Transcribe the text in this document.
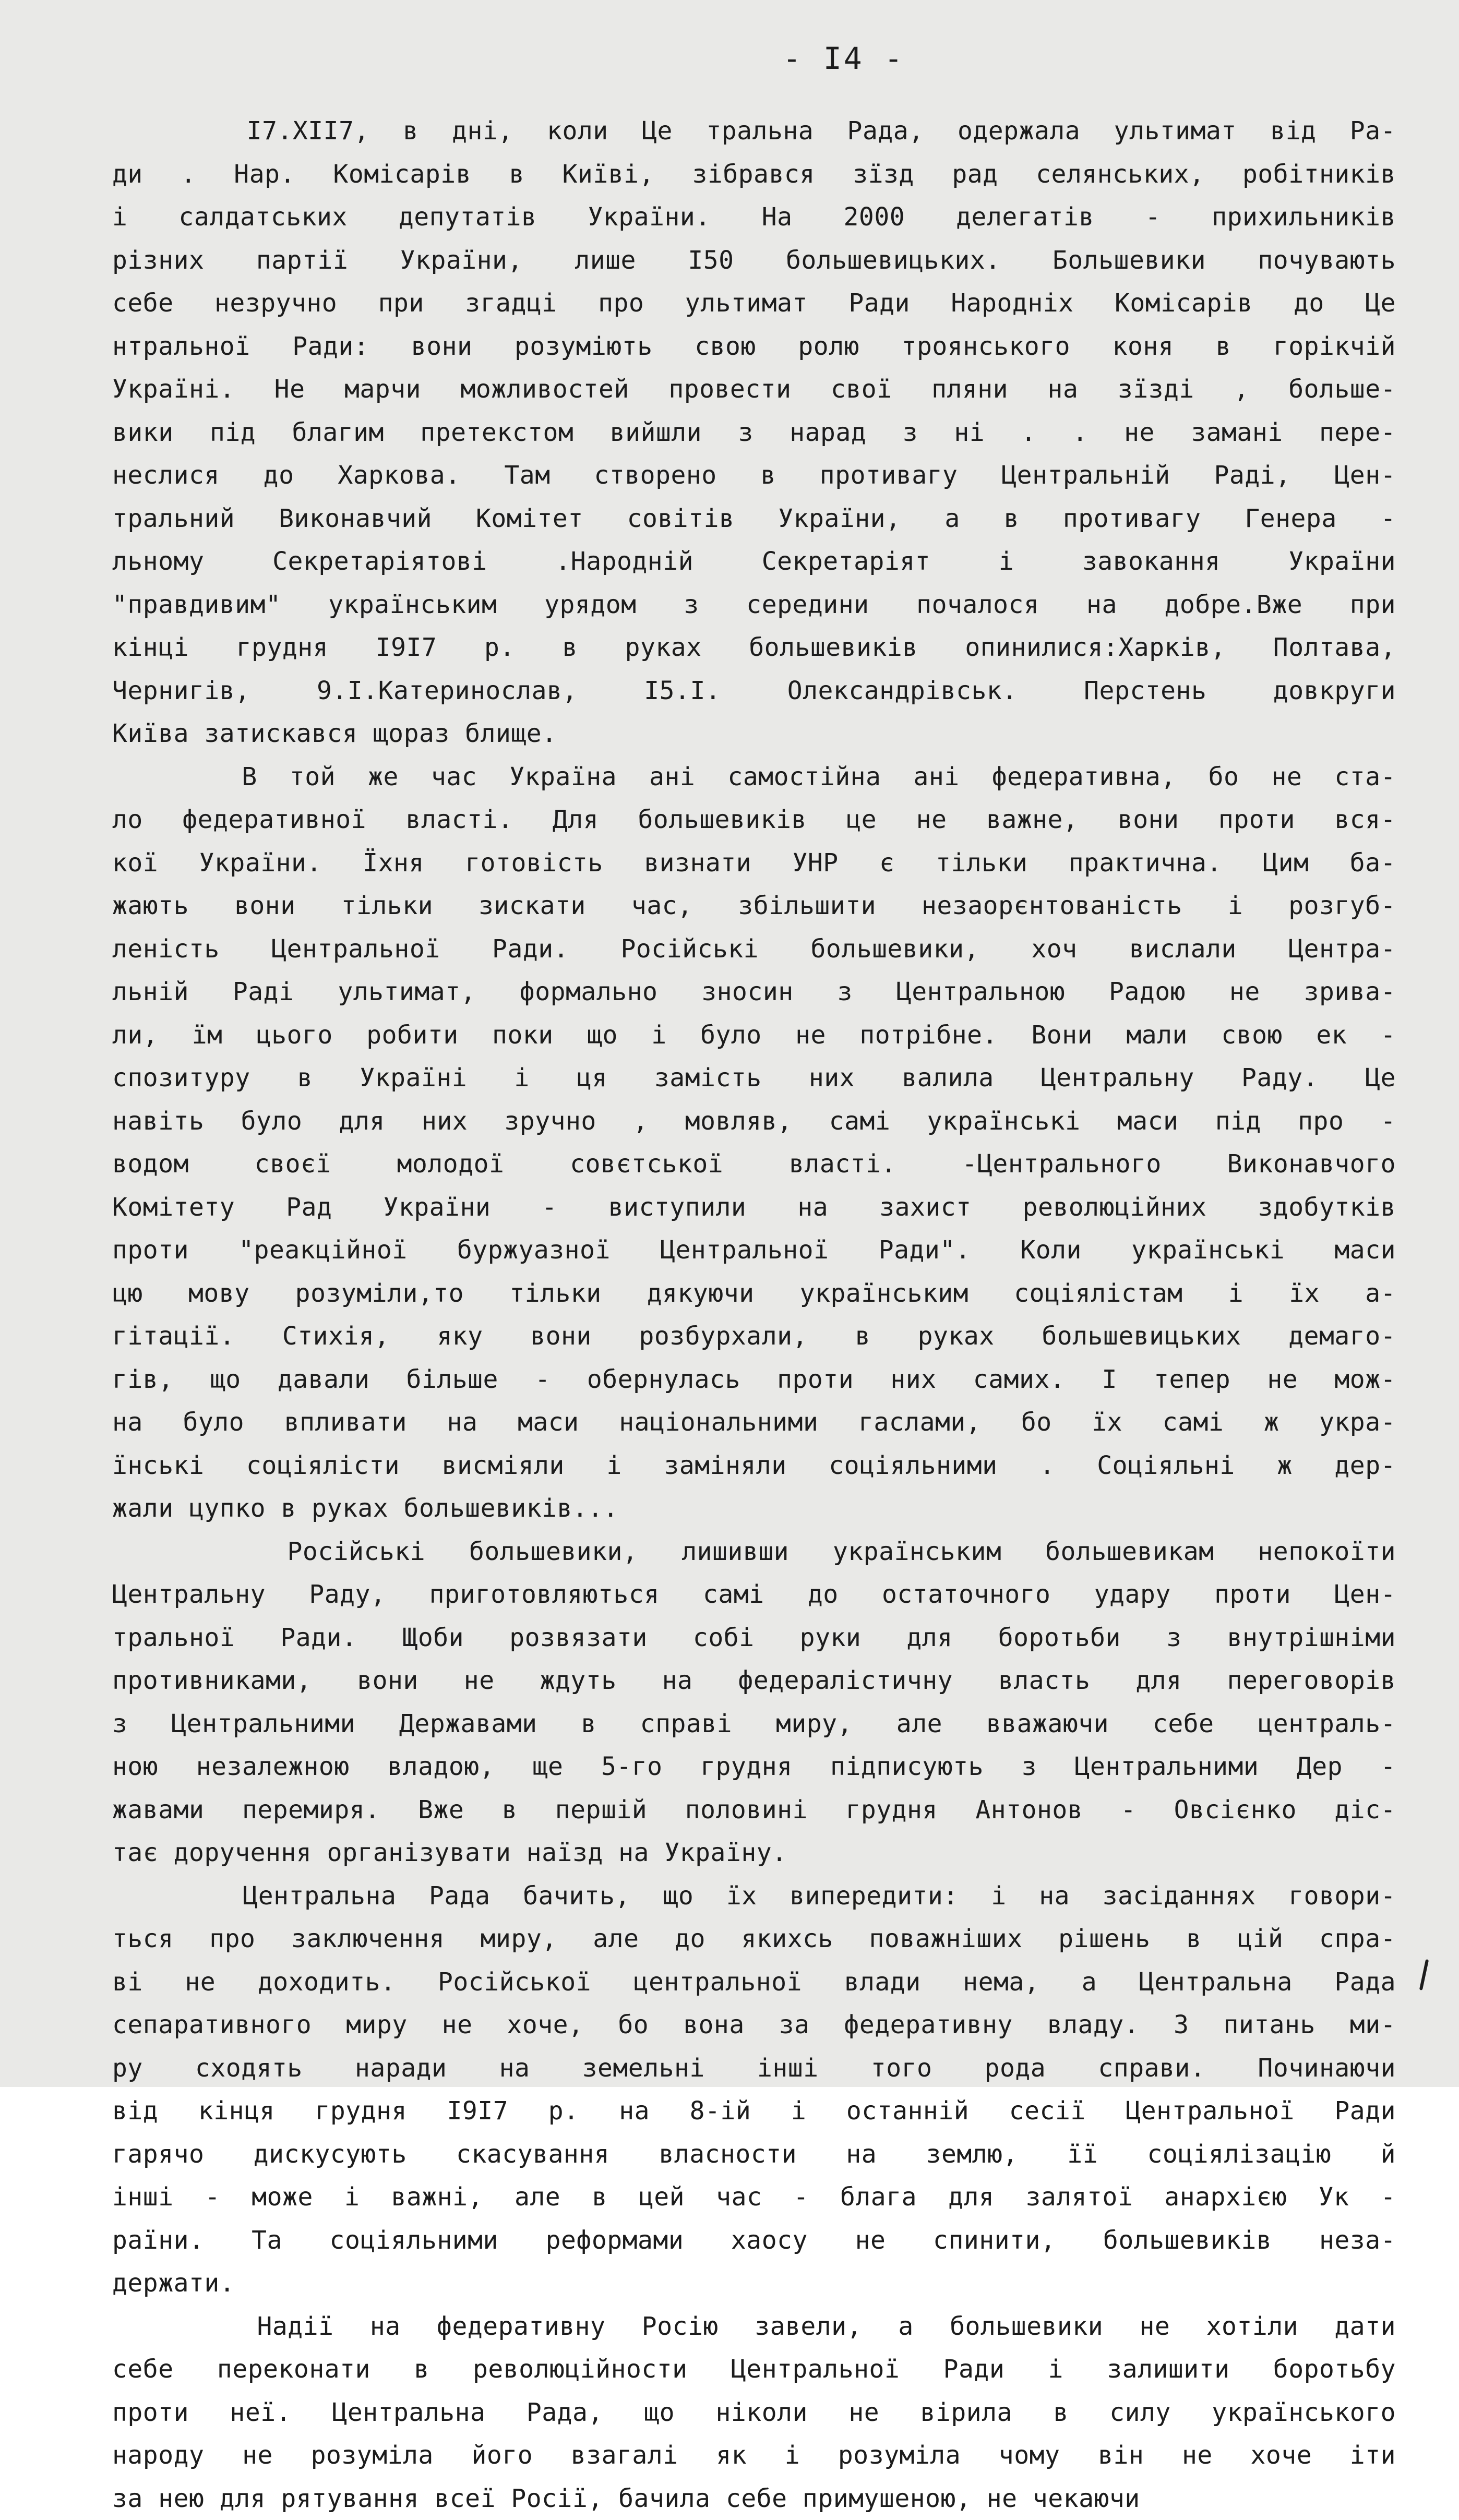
- I4 -
I7.XII7, в дні, коли Це тральна Рада, одержала ультимат від Ра-
ди . Нар. Комісарів в Київі, зібрався зїзд рад селянських, робітників
і салдатських депутатів України. На 2000 делегатів - прихильників
різних партії України, лише I50 большевицьких. Большевики почувають
себе незручно при згадці про ультимат Ради Народніх Комісарів до Це
нтральної Ради: вони розуміють свою ролю троянського коня в горікчій
Україні. Не марчи можливостей провести свої пляни на зїзді , больше-
вики під благим претекстом вийшли з нарад з ні . . не заманi пере-
неслися до Харкова. Там створено в противагу Центральній Раді, Цен-
тральний Виконавчий Комітет совітів України, а в противагу Генера -
льному Секретаріятові .Народній Секретаріят і завокання України
"правдивим" українським урядом з середини почалося на добре.Вже при
кінці грудня I9I7 р. в руках большевиків опинилися:Харків, Полтава,
Чернигів, 9.I.Катеринослав, I5.I. Олександрівськ. Перстень довкруги
Київа затискався щораз блище.
В той же час Україна ані самостійна ані федеративна, бо не ста-
ло федеративної власті. Для большевиків це не важне, вони проти вся-
кої України. Їхня готовість визнати УНР є тільки практична. Цим ба-
жають вони тільки зискати час, збільшити незаорєнтованість і розгуб-
леність Центральної Ради. Російські большевики, хоч вислали Центра-
льній Раді ультимат, формально зносин з Центральною Радою не зрива-
ли, їм цього робити поки що і було не потрібне. Вони мали свою ек -
спозитуру в Україні і ця замість них валила Центральну Раду. Це
навіть було для них зручно , мовляв, самі українські маси під про -
водом своєї молодої совєтської власті. -Центрального Виконавчого
Комітету Рад України - виступили на захист революційних здобутків
проти "реакційної буржуазної Центральної Ради". Коли українські маси
цю мову розуміли,то тільки дякуючи українським соціялістам і їх а-
гітації. Стихія, яку вони розбурхали, в руках большевицьких демаго-
гів, що давали більше - обернулась проти них самих. І тепер не мож-
на було впливати на маси національними гаслами, бо їх самі ж укра-
їнські соціялісти висміяли і заміняли соціяльними . Соціяльні ж дер-
жали цупко в руках большевиків...
Російські большевики, лишивши українським большевикам непокоїти
Центральну Раду, приготовляються самі до остаточного удару проти Цен-
тральної Ради. Щоби розвязати собі руки для боротьби з внутрішніми
противниками, вони не ждуть на федералістичну власть для переговорів
з Центральними Державами в справі миру, але вважаючи себе централь-
ною незалежною владою, ще 5-го грудня підписують з Центральними Дер -
жавами перемиря. Вже в першій половині грудня Антонов - Овсієнко діс-
тає доручення організувати наїзд на Україну.
Центральна Рада бачить, що їх випередити: і на засіданнях говори-
ться про заключення миру, але до якихсь поважніших рішень в цій спра-
ві не доходить. Російської центральної влади нема, а Центральна Рада
сепаративного миру не хоче, бо вона за федеративну владу. З питань ми-
ру сходять наради на земельні інші того рода справи. Починаючи
від кінця грудня I9I7 р. на 8-ій і останній сесії Центральної Ради
гарячо дискусують скасування власности на землю, її соціялізацію й
інші - може і важні, але в цей час - блага для залятої анархією Ук -
раїни. Та соціяльними реформами хаосу не спинити, большевиків неза-
держати.
Надії на федеративну Росію завели, а большевики не хотіли дати
себе переконати в революційности Центральної Ради і залишити боротьбу
проти неї. Центральна Рада, що ніколи не вірила в силу українського
народу не розуміла його взагалі як і розуміла чому він не хоче іти
за нею для рятування всеї Росії, бачила себе примушеною, не чекаючи
